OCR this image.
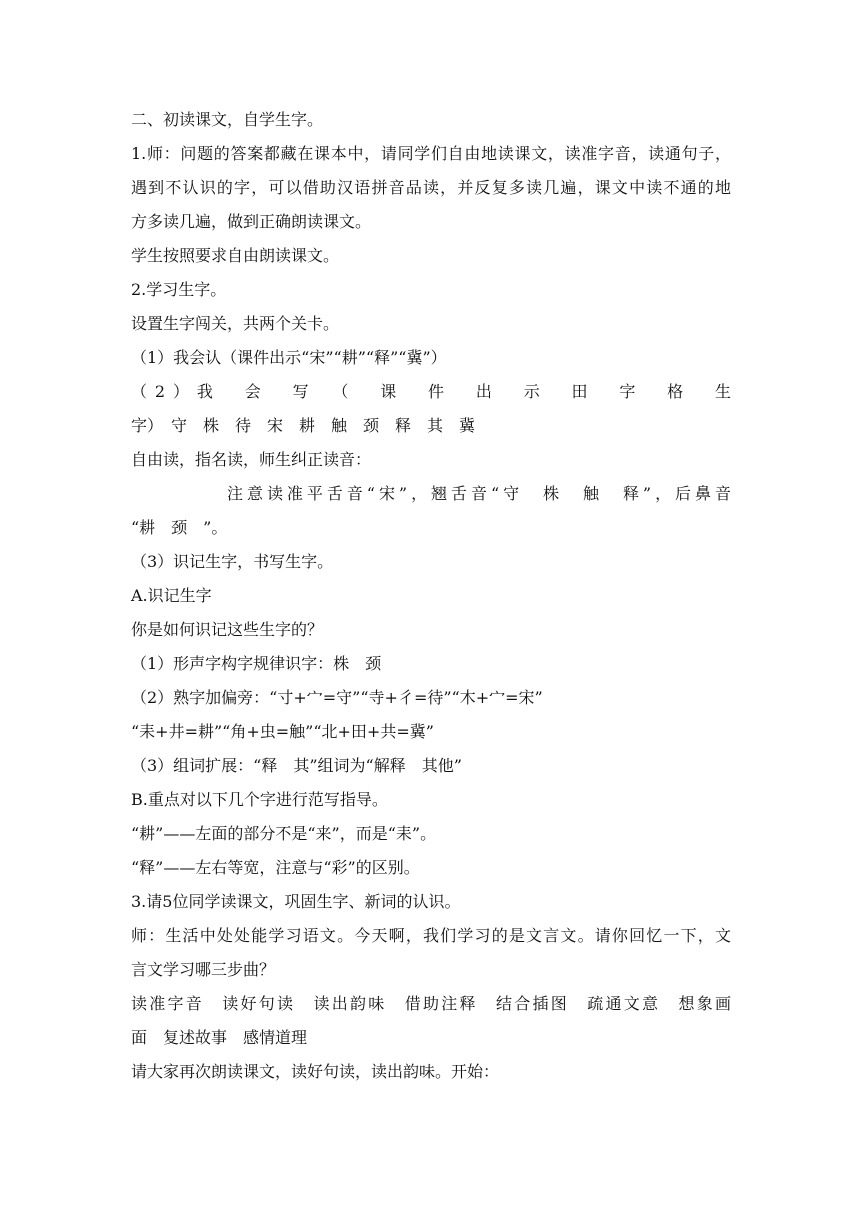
二、初读课文，自学生字。

1.师：问题的答案都藏在课本中，请同学们自由地读课文，读准字音，读通句子，

遇到不认识的字，可以借助汉语拼音品读，并反复多读几遍，课文中读不通的地

方多读几遍，做到正确朗读课文。

学生按照要求自由朗读课文。

2.学习生字。

设置生字闯关，共两个关卡。

（1）我会认（课件出示“宋”“耕”“释”“冀”）

（2）我　会　写　（　课　件　出　示　田　字　格　生

字）　守　株　待　宋　耕　触　颈　释　其　冀

自由读，指名读，师生纠正读音：

注意读准平舌音“宋”，翘舌音“守　株　触　释”，后鼻音

“耕　颈　”。

（3）识记生字，书写生字。

A.识记生字

你是如何识记这些生字的？

（1）形声字构字规律识字：株　颈

（2）熟字加偏旁：“寸+宀=守”“寺+彳=待”“木+宀=宋”

“耒+井=耕”“角+虫=触”“北+田+共=冀”

（3）组词扩展：“释　其”组词为“解释　其他”

B.重点对以下几个字进行范写指导。

“耕”——左面的部分不是“来”，而是“耒”。

“释”——左右等宽，注意与“彩”的区别。

3.请5位同学读课文，巩固生字、新词的认识。

师：生活中处处能学习语文。今天啊，我们学习的是文言文。请你回忆一下，文

言文学习哪三步曲？

读准字音　读好句读　读出韵味　借助注释　结合插图　疏通文意　想象画

面　复述故事　感情道理

请大家再次朗读课文，读好句读，读出韵味。开始：
